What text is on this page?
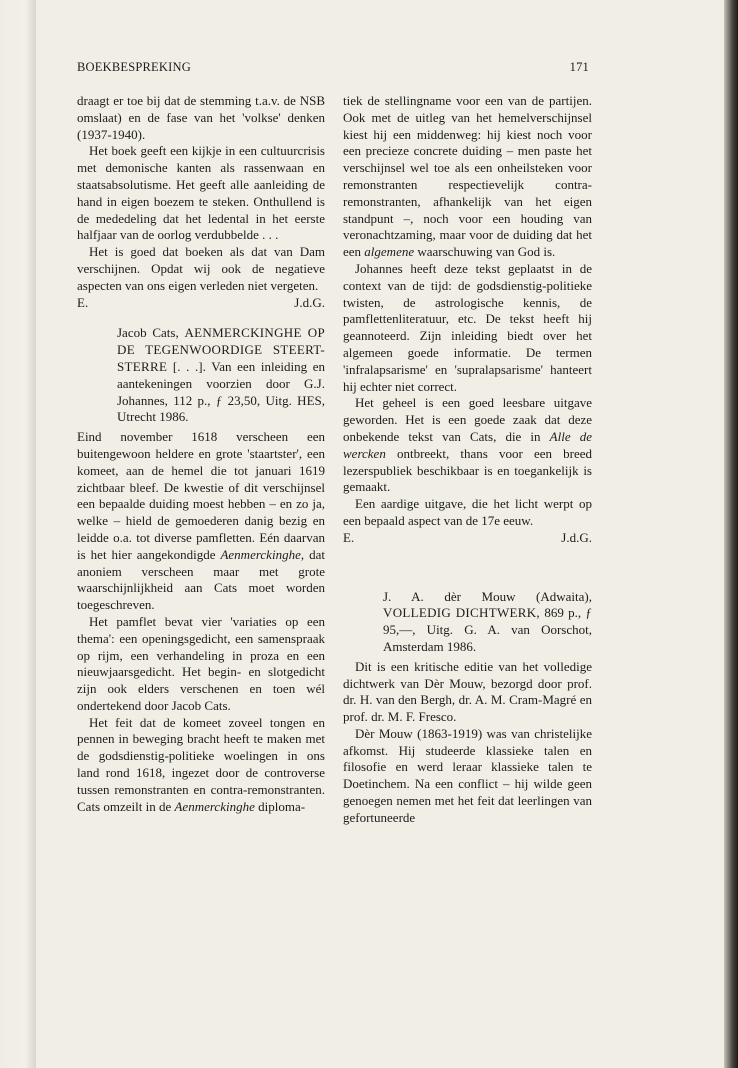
BOEKBESPREKING	171

draagt er toe bij dat de stemming t.a.v. de NSB omslaat) en de fase van het 'volkse' denken (1937-1940).

Het boek geeft een kijkje in een cultuurcrisis met demonische kanten als rassenwaan en staatsabsolutisme. Het geeft alle aanleiding de hand in eigen boezem te steken. Onthullend is de mededeling dat het ledental in het eerste halfjaar van de oorlog verdubbelde . . .

Het is goed dat boeken als dat van Dam verschijnen. Opdat wij ook de negatieve aspecten van ons eigen verleden niet vergeten.

E.	J.d.G.
Jacob Cats, AENMERCKINGHE OP DE TEGENWOORDIGE STEERT-STERRE [. . .]. Van een inleiding en aantekeningen voorzien door G.J. Johannes, 112 p., ƒ 23,50, Uitg. HES, Utrecht 1986.

Eind november 1618 verscheen een buitengewoon heldere en grote 'staartster', een komeet, aan de hemel die tot januari 1619 zichtbaar bleef. De kwestie of dit verschijnsel een bepaalde duiding moest hebben – en zo ja, welke – hield de gemoederen danig bezig en leidde o.a. tot diverse pamfletten. Eén daarvan is het hier aangekondigde Aenmerckinghe, dat anoniem verscheen maar met grote waarschijnlijkheid aan Cats moet worden toegeschreven.

Het pamflet bevat vier 'variaties op een thema': een openingsgedicht, een samenspraak op rijm, een verhandeling in proza en een nieuwjaarsgedicht. Het begin- en slotgedicht zijn ook elders verschenen en toen wél ondertekend door Jacob Cats.

Het feit dat de komeet zoveel tongen en pennen in beweging bracht heeft te maken met de godsdienstig-politieke woelingen in ons land rond 1618, ingezet door de controverse tussen remonstranten en contra-remonstranten. Cats omzeilt in de Aenmerckinghe diploma-

tiek de stellingname voor een van de partijen. Ook met de uitleg van het hemelverschijnsel kiest hij een middenweg: hij kiest noch voor een precieze concrete duiding – men paste het verschijnsel wel toe als een onheilsteken voor remonstranten respectievelijk contra-remonstranten, afhankelijk van het eigen standpunt –, noch voor een houding van veronachtzaming, maar voor de duiding dat het een algemene waarschuwing van God is.

Johannes heeft deze tekst geplaatst in de context van de tijd: de godsdienstig-politieke twisten, de astrologische kennis, de pamflettenliteratuur, etc. De tekst heeft hij geannoteerd. Zijn inleiding biedt over het algemeen goede informatie. De termen 'infralapsarisme' en 'supralapsarisme' hanteert hij echter niet correct.

Het geheel is een goed leesbare uitgave geworden. Het is een goede zaak dat deze onbekende tekst van Cats, die in Alle de wercken ontbreekt, thans voor een breed lezerspubliek beschikbaar is en toegankelijk is gemaakt.

Een aardige uitgave, die het licht werpt op een bepaald aspect van de 17e eeuw.

E.	J.d.G.
J. A. dèr Mouw (Adwaita), VOLLEDIG DICHTWERK, 869 p., ƒ 95,—, Uitg. G. A. van Oorschot, Amsterdam 1986.

Dit is een kritische editie van het volledige dichtwerk van Dèr Mouw, bezorgd door prof. dr. H. van den Bergh, dr. A. M. Cram-Magré en prof. dr. M. F. Fresco.

Dèr Mouw (1863-1919) was van christelijke afkomst. Hij studeerde klassieke talen en filosofie en werd leraar klassieke talen te Doetinchem. Na een conflict – hij wilde geen genoegen nemen met het feit dat leerlingen van gefortuneerde
